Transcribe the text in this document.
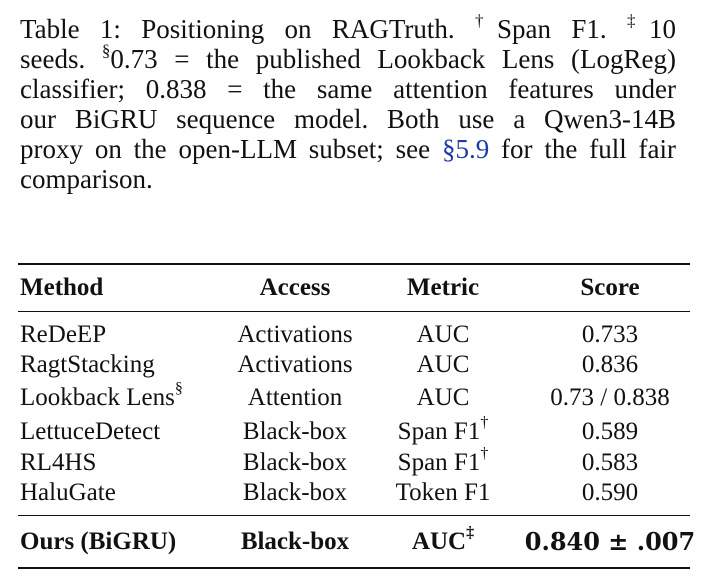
Table 1: Positioning on RAGTruth. †Span F1. ‡10
seeds. §0.73 = the published Lookback Lens (LogReg)
classifier; 0.838 = the same attention features under
our BiGRU sequence model. Both use a Qwen3-14B
proxy on the open-LLM subset; see §5.9 for the full fair
comparison.
Method	Access	Metric	Score
ReDeEP	Activations	AUC	0.733
RagtStacking	Activations	AUC	0.836
Lookback Lens§	Attention	AUC	0.73 / 0.838
LettuceDetect	Black-box	Span F1†	0.589
RL4HS	Black-box	Span F1†	0.583
HaluGate	Black-box	Token F1	0.590
Ours (BiGRU)	Black-box	AUC‡	0.840 ± .007
